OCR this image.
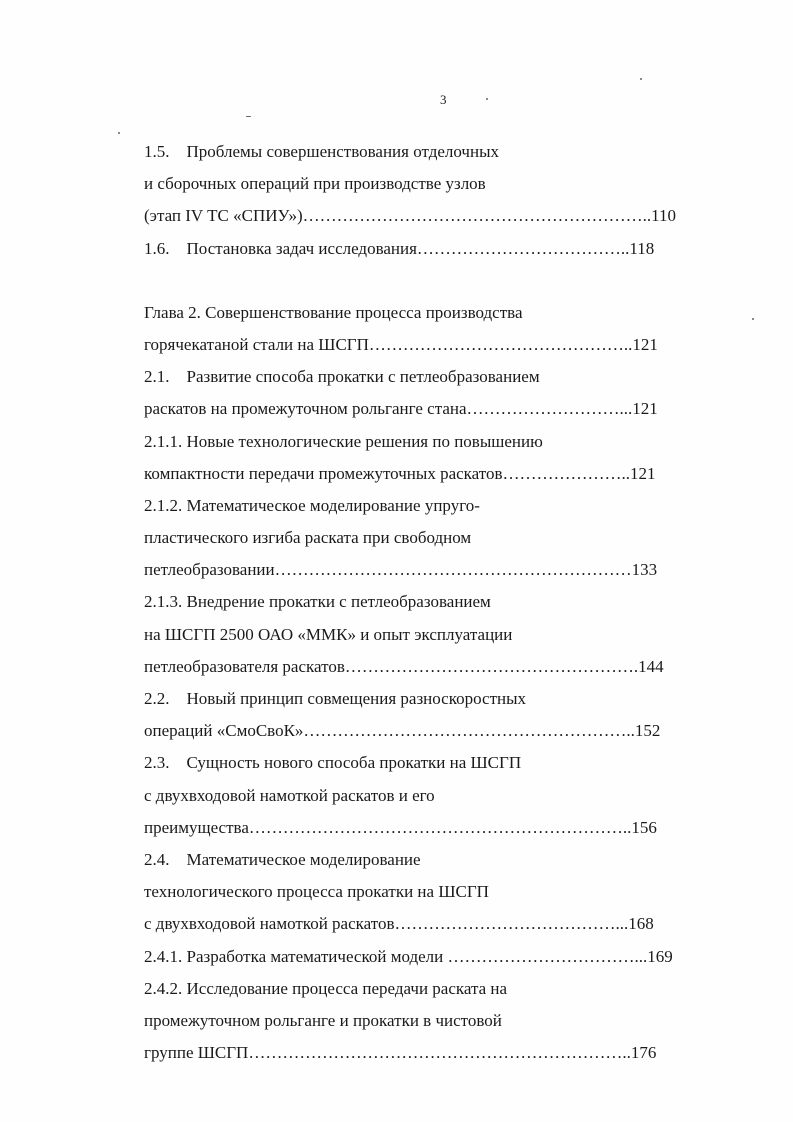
3
1.5.    Проблемы совершенствования отделочных
и сборочных операций при производстве узлов
(этап IV ТС «СПИУ»)……………………………………………………..110
1.6.    Постановка задач исследования………………………………..118
Глава 2. Совершенствование процесса производства
горячекатаной стали на ШСГП………………………………………..121
2.1.    Развитие способа прокатки с петлеобразованием
раскатов на промежуточном рольганге стана………………………...121
2.1.1. Новые технологические решения по повышению
компактности передачи промежуточных раскатов…………………..121
2.1.2. Математическое моделирование упруго-
пластического изгиба раската при свободном
петлеобразовании………………………………………………………133
2.1.3. Внедрение прокатки с петлеобразованием
на ШСГП 2500 ОАО «ММК» и опыт эксплуатации
петлеобразователя раскатов…………………………………………….144
2.2.    Новый принцип совмещения разноскоростных
операций «СмоСвоК»…………………………………………………..152
2.3.    Сущность нового способа прокатки на ШСГП
с двухвходовой намоткой раскатов и его
преимущества…………………………………………………………..156
2.4.    Математическое моделирование
технологического процесса прокатки на ШСГП
с двухвходовой намоткой раскатов…………………………………...168
2.4.1. Разработка математической модели ……………………………...169
2.4.2. Исследование процесса передачи раската на
промежуточном рольганге и прокатки в чистовой
группе ШСГП…………………………………………………………..176
